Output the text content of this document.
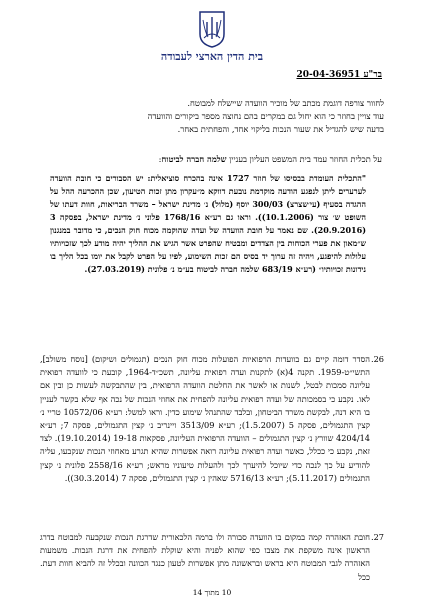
בית הדין הארצי לעבודה
בר"ע 20-04-36951
לחוור צורפה דוגמת מכתב של מוכיר הוועדה שיישלח למבוטח.
עוד צויין בחוזר כי הוא יחול גם במקרים בהם נחוצה מספר ביקורים והוועדה
בדעה שיש להגדיל את שעור הנכות בליקוי אחד, והפחתית באחר.
על תכלית החוזר עמד בית המשפט העליון בעניין שלמה חברה לביטוח:
"התכלית העומדת בבסיסו של חוזר 1727 אינה בהכרח סוציאלית: יש הסבורים כי חובת הוועדה לערערים ליתן לנפגע הודעה מוקדמת נובעת דווקא מ״עקרון מתן זכות הטיעון, שכן ההכרעה ההל על ההגדה בסעיף (עי׳שצרצ) 300/03 יוסף (מלול) נ׳ מדינת ישראל – משרד הבריאות, חוות דעתו של השופט ש׳ צור (10.1.2006)). וראו גם רע״א 1768/16 פלוני נ׳ מדינת ישראל, בפסקה 3 (20.9.2016). שם נאמר על חובת הוועדה של ועדה שהוקמה מכוח חוק הנכים, כי מדובר במנגנון ש״מאון את פערי הכוחות בין הצדדים ומבטיח שהפרט אשר הגיש את ההליך יהיה מודע לכך שזכויותיו עלולות להיפגע, ויהיה זה ערוך יד בסיס הם זכות השימוע, לפיו על הפרט לקבל את יומו בכל הליך בו נידונות זכויותיו״ (רע״א 683/19 שלמה חברה לביטוח בע״מ נ׳ פלונית (27.03.2019).
26.
הסדר דומה קיים גם בוועדות הרפואיות הפועלות מכוח חוק הנכים (תגמולים ושיקום) [נוסח משולב], התשי״ט-1959. תקנה 4(א) לתקנות ועדה רפואית עליונה, תשכ״ד-1964, קובעת כי לוועדה רפואית עליונה סמכות לבטל, לשנות או לאשר את החלטת הוועדה הרפואית, בין שהתבקשה לעשות כן ובין אם לאו. נקבע כי בסמכותה של ועדה רפואית עליונה להפחית את אחוזי הנכות של נכה אף שלא בקשר לעניין בו היא דנה, לבקשת משרד הביטחון, ובלבד שהתנהל שימוע כדין. וראו למשל: רע״א 10572/06 טריי נ׳ קצין התגמולים, פסקה 5 (1.5.2007); רע״א 3513/09 ויינריב נ׳ קצין התגמולים, פסקה 7; רע״א 4204/14 שוורץ נ׳ קצין התגמולים – הוועדה הרפואית העליונה, פסקאות 19-18 (19.10.2014). לצד זאת, נקבע כי ככלל, כאשר ועדה רפואית עליונה רואה אפשרות שהיא תגרע מאחוזי הנכות שנקבעו, עליה להודיע על כך לנכה כדי שיוכל להיערך לכך ולהעלות טיעוניו מראש; רע״א 2558/16 פלונית נ׳ קצין התגמולים (5.11.2017); רע״א 5716/13 שאהין נ׳ קצין התגמולים, פסקה 7 (30.3.2014)).
27.
חובת האזהרה קמה במקום בו הוועדה סבורה ולו ברמה הלכאורית שדרגת הנכות שנקבעה למבוטח בדרג הראשון אינה משקפת את מצבו כפי שהוא לפניה והיא שוקלת להפחית את דרגת הנכות. משמעות האזהרה לגבי המבוטח היא בראש ובראשונה מתן אפשרות לטעון כנגד הכוונה ובכלל זה להביא חוות דעת. ככל
10 מתוך 14
